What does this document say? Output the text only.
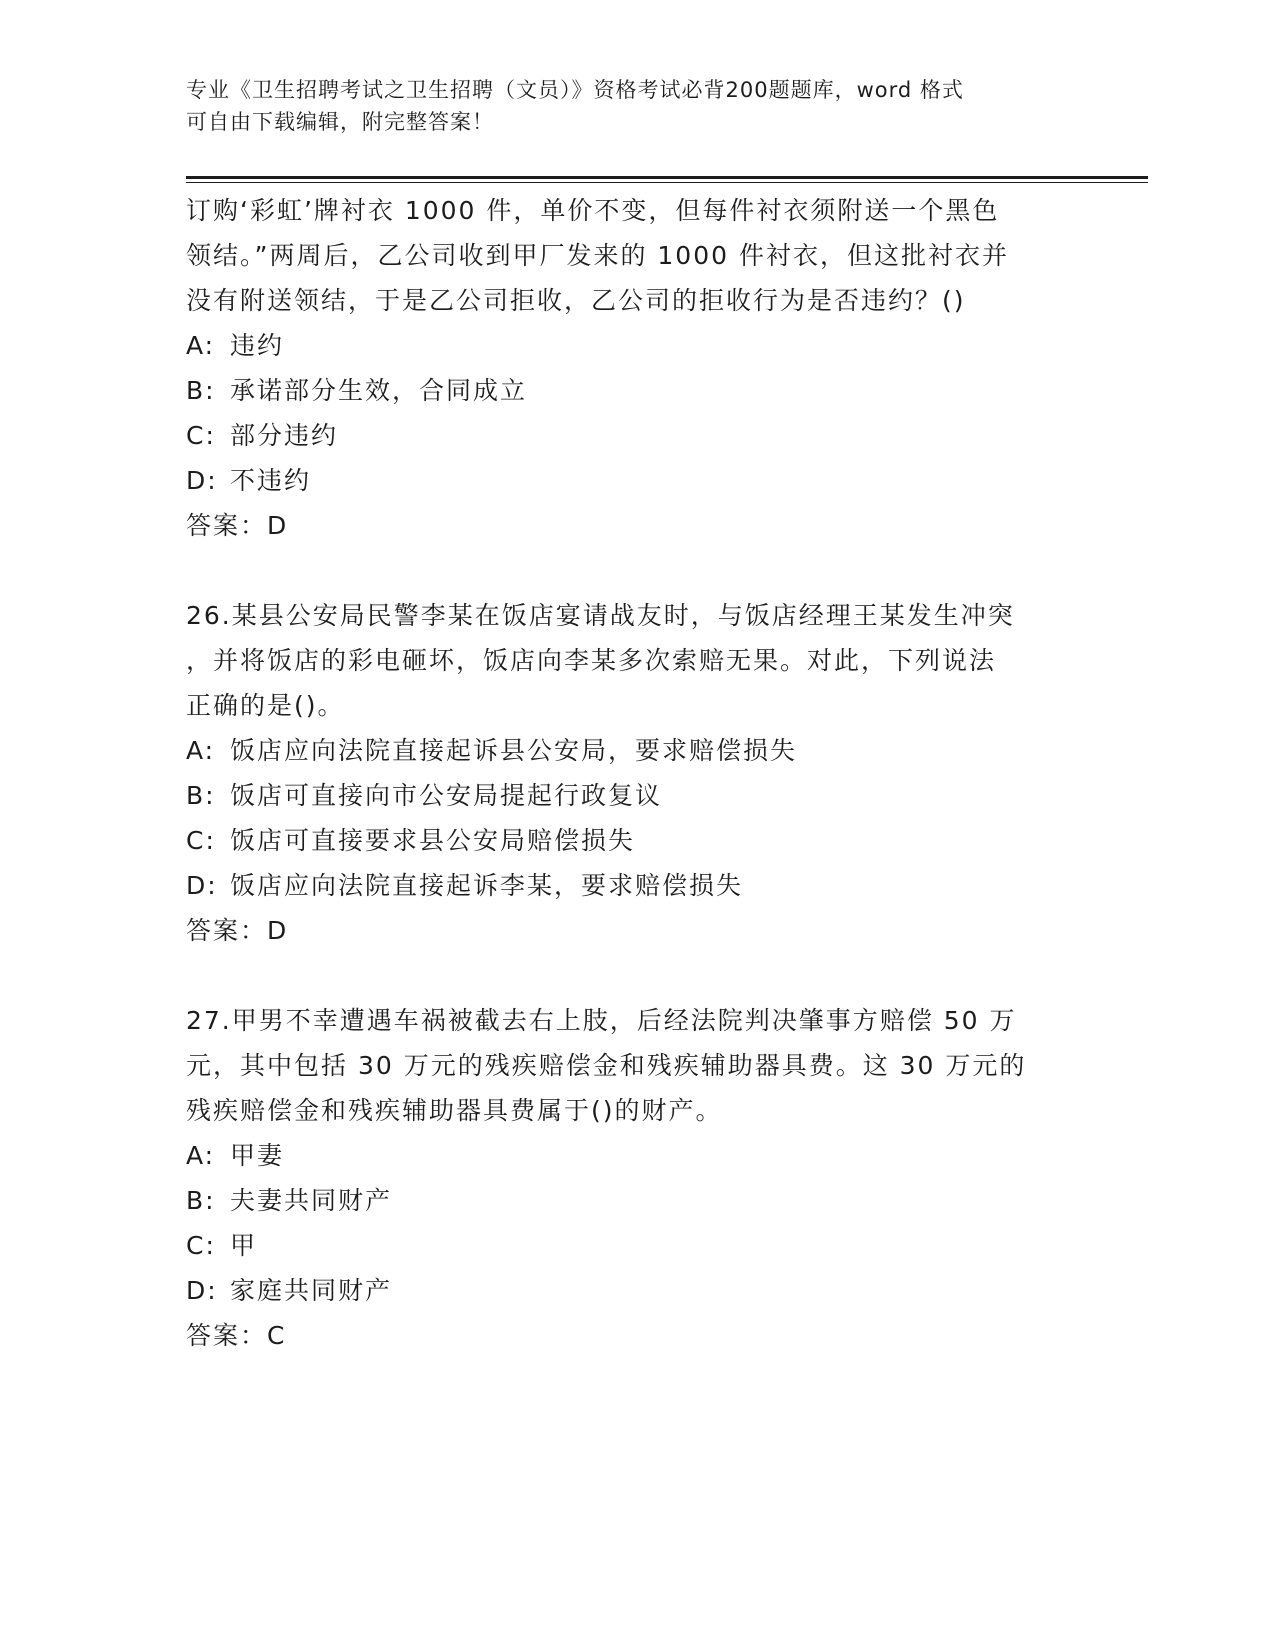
专业《卫生招聘考试之卫生招聘（文员）》资格考试必背200题题库，word 格式
可自由下载编辑，附完整答案！
订购‘彩虹’牌衬衣 1000 件，单价不变，但每件衬衣须附送一个黑色
领结。”两周后，乙公司收到甲厂发来的 1000 件衬衣，但这批衬衣并
没有附送领结，于是乙公司拒收，乙公司的拒收行为是否违约？()
A: 违约
B: 承诺部分生效，合同成立
C: 部分违约
D: 不违约
答案：D
26.某县公安局民警李某在饭店宴请战友时，与饭店经理王某发生冲突
，并将饭店的彩电砸坏，饭店向李某多次索赔无果。对此，下列说法
正确的是()。
A: 饭店应向法院直接起诉县公安局，要求赔偿损失
B: 饭店可直接向市公安局提起行政复议
C: 饭店可直接要求县公安局赔偿损失
D: 饭店应向法院直接起诉李某，要求赔偿损失
答案：D
27.甲男不幸遭遇车祸被截去右上肢，后经法院判决肇事方赔偿 50 万
元，其中包括 30 万元的残疾赔偿金和残疾辅助器具费。这 30 万元的
残疾赔偿金和残疾辅助器具费属于()的财产。
A: 甲妻
B: 夫妻共同财产
C: 甲
D: 家庭共同财产
答案：C
